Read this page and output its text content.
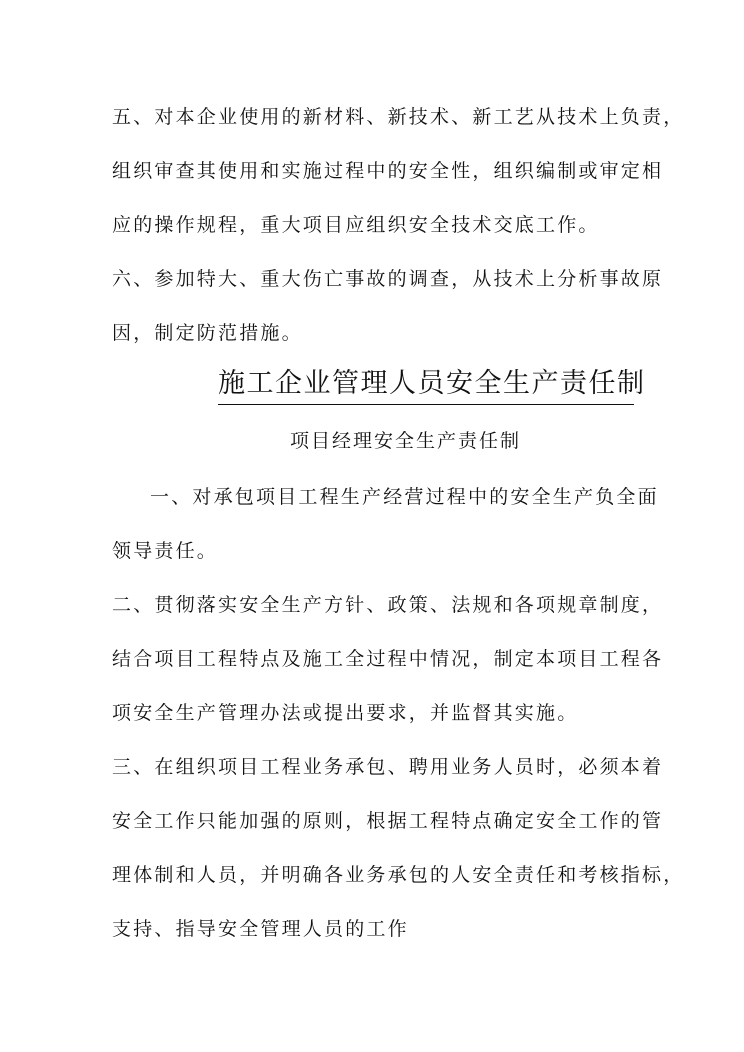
五、对本企业使用的新材料、新技术、新工艺从技术上负责，
组织审查其使用和实施过程中的安全性，组织编制或审定相
应的操作规程，重大项目应组织安全技术交底工作。
六、参加特大、重大伤亡事故的调查，从技术上分析事故原
因，制定防范措施。
施工企业管理人员安全生产责任制
项目经理安全生产责任制
一、对承包项目工程生产经营过程中的安全生产负全面
领导责任。
二、贯彻落实安全生产方针、政策、法规和各项规章制度，
结合项目工程特点及施工全过程中情况，制定本项目工程各
项安全生产管理办法或提出要求，并监督其实施。
三、在组织项目工程业务承包、聘用业务人员时，必须本着
安全工作只能加强的原则，根据工程特点确定安全工作的管
理体制和人员，并明确各业务承包的人安全责任和考核指标，
支持、指导安全管理人员的工作
